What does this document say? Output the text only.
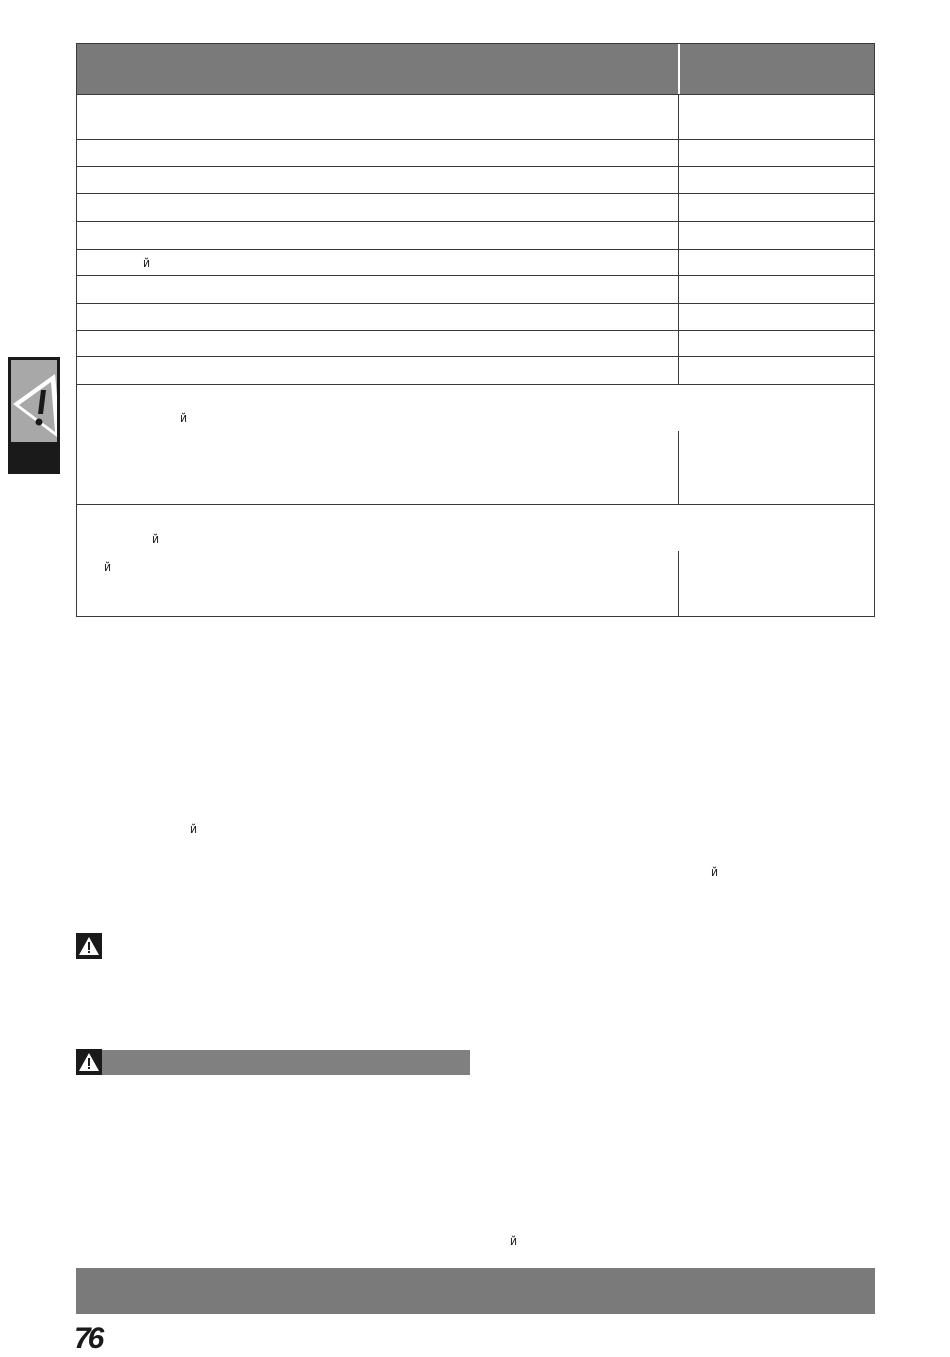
й
й
й
й
й
й
й
76
